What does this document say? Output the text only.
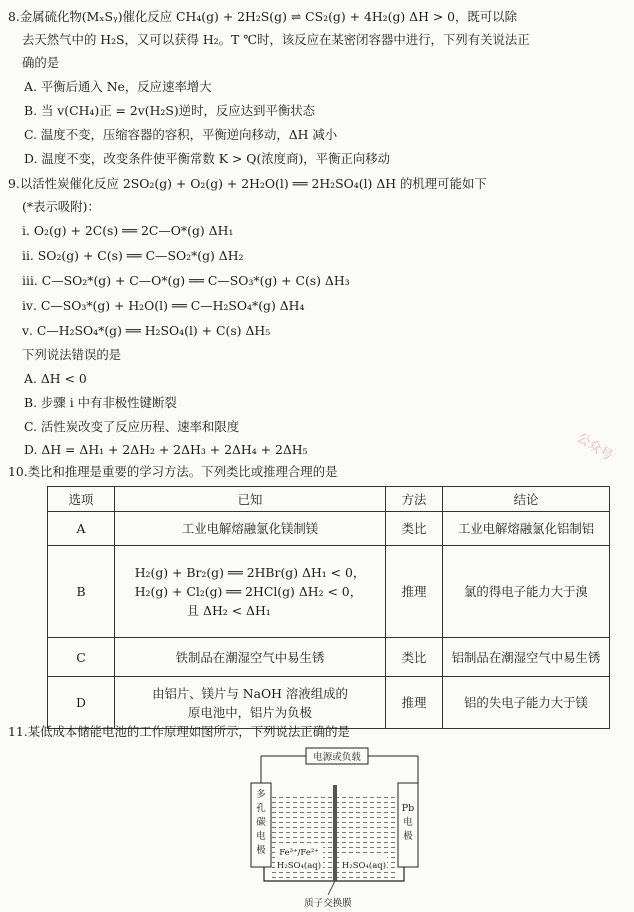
8.金属硫化物(MₓSᵧ)催化反应 CH₄(g) + 2H₂S(g) ⇌ CS₂(g) + 4H₂(g) ΔH > 0，既可以除
去天然气中的 H₂S，又可以获得 H₂。T ℃时，该反应在某密闭容器中进行，下列有关说法正
确的是
A. 平衡后通入 Ne，反应速率增大
B. 当 v(CH₄)正 = 2v(H₂S)逆时，反应达到平衡状态
C. 温度不变，压缩容器的容积，平衡逆向移动，ΔH 减小
D. 温度不变，改变条件使平衡常数 K > Q(浓度商)，平衡正向移动
9.以活性炭催化反应 2SO₂(g) + O₂(g) + 2H₂O(l) ══ 2H₂SO₄(l) ΔH 的机理可能如下
(*表示吸附)：
ⅰ. O₂(g) + 2C(s) ══ 2C—O*(g) ΔH₁
ⅱ. SO₂(g) + C(s) ══ C—SO₂*(g) ΔH₂
ⅲ. C—SO₂*(g) + C—O*(g) ══ C—SO₃*(g) + C(s) ΔH₃
ⅳ. C—SO₃*(g) + H₂O(l) ══ C—H₂SO₄*(g) ΔH₄
ⅴ. C—H₂SO₄*(g) ══ H₂SO₄(l) + C(s) ΔH₅
下列说法错误的是
A. ΔH < 0
B. 步骤 ⅰ 中有非极性键断裂
C. 活性炭改变了反应历程、速率和限度
D. ΔH = ΔH₁ + 2ΔH₂ + 2ΔH₃ + 2ΔH₄ + 2ΔH₅	公众号
10.类比和推理是重要的学习方法。下列类比或推理合理的是
选项	已知	方法	结论
A	工业电解熔融氯化镁制镁	类比	工业电解熔融氯化铝制铝
B	H₂(g) + Br₂(g) ══ 2HBr(g) ΔH₁ < 0，
H₂(g) + Cl₂(g) ══ 2HCl(g) ΔH₂ < 0，
且 ΔH₂ < ΔH₁	推理	氯的得电子能力大于溴
C	铁制品在潮湿空气中易生锈	类比	铝制品在潮湿空气中易生锈
D	由铝片、镁片与 NaOH 溶液组成的
原电池中，铝片为负极	推理	铝的失电子能力大于镁
11.某低成本储能电池的工作原理如图所示，下列说法正确的是
电源或负载
多
孔
碳
电
极
Pb
电
极
Fe³⁺/Fe²⁺
H₂SO₄(aq) H₂SO₄(aq)
质子交换膜
